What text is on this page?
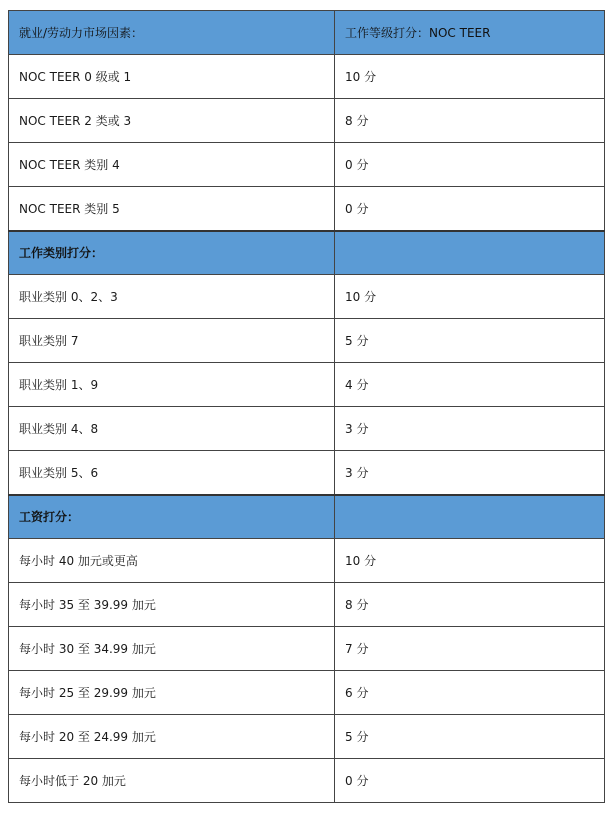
就业/劳动力市场因素：	工作等级打分：NOC TEER
NOC TEER 0 级或 1	10 分
NOC TEER 2 类或 3	8 分
NOC TEER 类别 4	0 分
NOC TEER 类别 5	0 分
工作类别打分：	
职业类别 0、2、3	10 分
职业类别 7	5 分
职业类别 1、9	4 分
职业类别 4、8	3 分
职业类别 5、6	3 分
工资打分：	
每小时 40 加元或更高	10 分
每小时 35 至 39.99 加元	8 分
每小时 30 至 34.99 加元	7 分
每小时 25 至 29.99 加元	6 分
每小时 20 至 24.99 加元	5 分
每小时低于 20 加元	0 分
